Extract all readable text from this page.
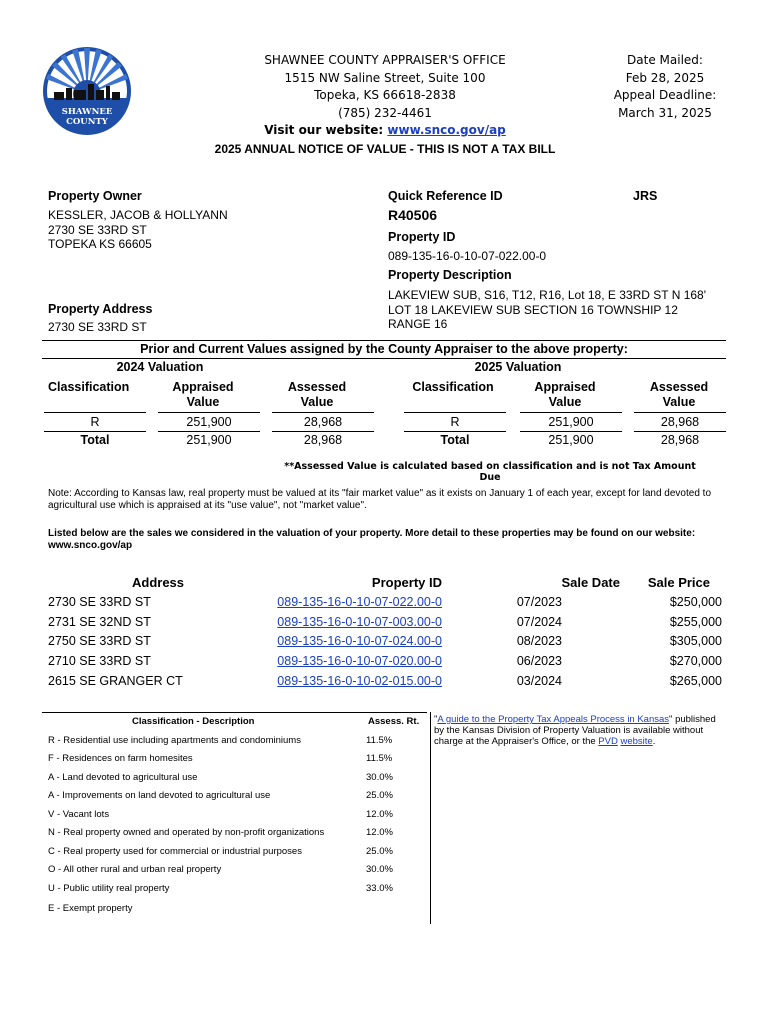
SHAWNEE
COUNTY
SHAWNEE COUNTY APPRAISER'S OFFICE
1515 NW Saline Street, Suite 100
Topeka, KS 66618-2838
(785) 232-4461
Visit our website: www.snco.gov/ap
Date Mailed:
Feb 28, 2025
Appeal Deadline:
March 31, 2025
2025 ANNUAL NOTICE OF VALUE - THIS IS NOT A TAX BILL
Property Owner
KESSLER, JACOB & HOLLYANN
2730 SE 33RD ST
TOPEKA KS 66605
Property Address
2730 SE 33RD ST
Quick Reference ID	JRS
R40506
Property ID
089-135-16-0-10-07-022.00-0
Property Description
LAKEVIEW SUB, S16, T12, R16, Lot 18, E 33RD ST N 168'
LOT 18 LAKEVIEW SUB SECTION 16 TOWNSHIP 12
RANGE 16
Prior and Current Values assigned by the County Appraiser to the above property:
2024 Valuation	2025 Valuation
Classification	Appraised
Value
Assessed
Value
Classification	Appraised
Value
Assessed
Value
R	251,900	28,968
Total	251,900	28,968
R	251,900	28,968
Total	251,900	28,968
**Assessed Value is calculated based on classification and is not Tax Amount Due
Note: According to Kansas law, real property must be valued at its "fair market value" as it exists on January 1 of each year, except for land devoted to agricultural use which is appraised at its "use value", not "market value".
Listed below are the sales we considered in the valuation of your property. More detail to these properties may be found on our website:
www.snco.gov/ap
Address	Property ID	Sale Date	Sale Price
2730 SE 33RD ST	089-135-16-0-10-07-022.00-0	07/2023	$250,000
2731 SE 32ND ST	089-135-16-0-10-07-003.00-0	07/2024	$255,000
2750 SE 33RD ST	089-135-16-0-10-07-024.00-0	08/2023	$305,000
2710 SE 33RD ST	089-135-16-0-10-07-020.00-0	06/2023	$270,000
2615 SE GRANGER CT	089-135-16-0-10-02-015.00-0	03/2024	$265,000
Classification - Description	Assess. Rt.
R - Residential use including apartments and condominiums	11.5%
F - Residences on farm homesites	11.5%
A - Land devoted to agricultural use	30.0%
A - Improvements on land devoted to agricultural use	25.0%
V - Vacant lots	12.0%
N - Real property owned and operated by non-profit organizations	12.0%
C - Real property used for commercial or industrial purposes	25.0%
O - All other rural and urban real property	30.0%
U - Public utility real property	33.0%
E - Exempt property
"A guide to the Property Tax Appeals Process in Kansas" published by the Kansas Division of Property Valuation is available without charge at the Appraiser's Office, or the PVD website.
